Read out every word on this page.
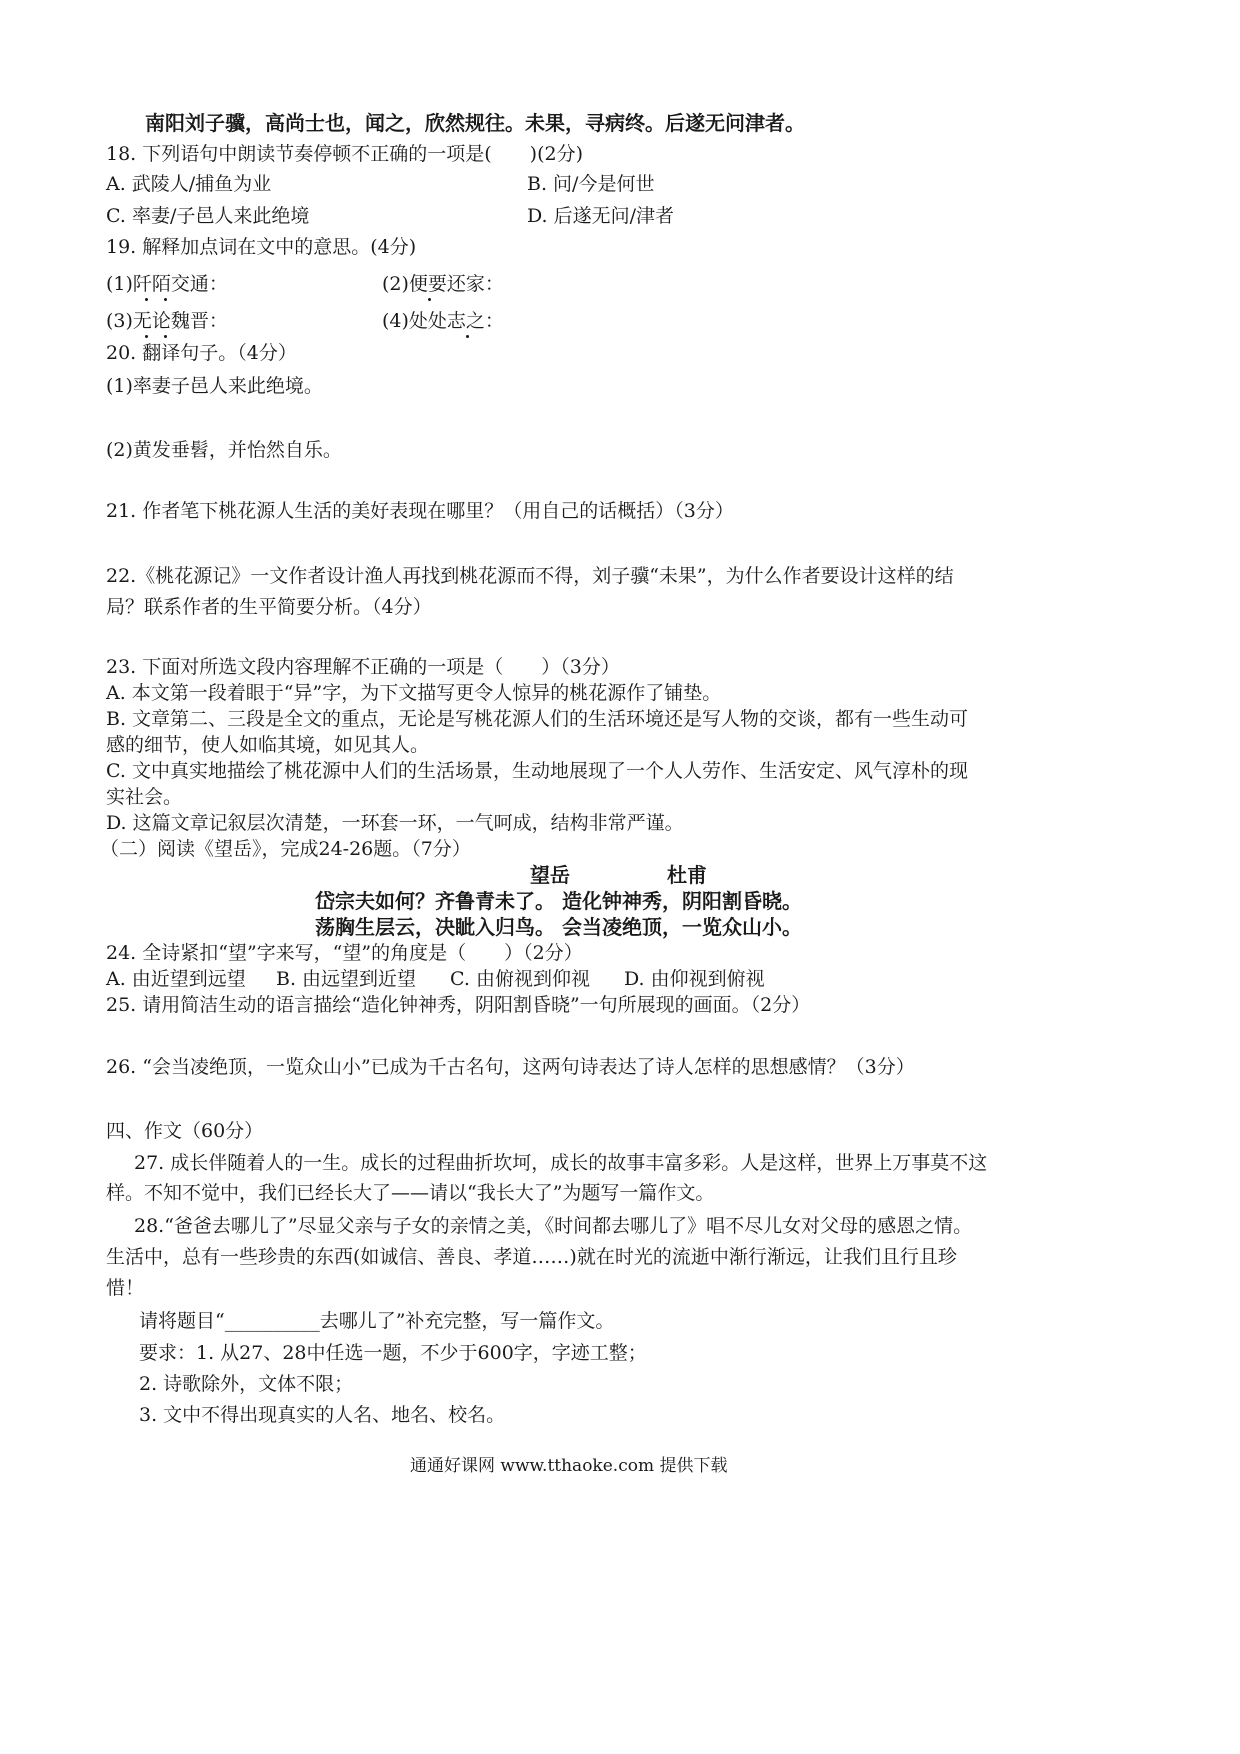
南阳刘子骥，高尚士也，闻之，欣然规往。未果，寻病终。后遂无问津者。
18. 下列语句中朗读节奏停顿不正确的一项是(　　)(2分)
A. 武陵人/捕鱼为业	B. 问/今是何世
C. 率妻/子邑人来此绝境	D. 后遂无问/津者
19. 解释加点词在文中的意思。(4分)
(1)阡陌交通：	(2)便要还家：
(3)无论魏晋：	(4)处处志之：
20. 翻译句子。（4分）
(1)率妻子邑人来此绝境。
(2)黄发垂髫，并怡然自乐。
21. 作者笔下桃花源人生活的美好表现在哪里？（用自己的话概括）（3分）
22.《桃花源记》一文作者设计渔人再找到桃花源而不得，刘子骥“未果”，为什么作者要设计这样的结
局？联系作者的生平简要分析。（4分）
23. 下面对所选文段内容理解不正确的一项是（　　）（3分）
A. 本文第一段着眼于“异”字，为下文描写更令人惊异的桃花源作了铺垫。
B. 文章第二、三段是全文的重点，无论是写桃花源人们的生活环境还是写人物的交谈，都有一些生动可
感的细节，使人如临其境，如见其人。
C. 文中真实地描绘了桃花源中人们的生活场景，生动地展现了一个人人劳作、生活安定、风气淳朴的现
实社会。
D. 这篇文章记叙层次清楚，一环套一环，一气呵成，结构非常严谨。
（二）阅读《望岳》，完成24-26题。（7分）
望岳	杜甫
岱宗夫如何？齐鲁青未了。 造化钟神秀，阴阳割昏晓。
荡胸生层云，决眦入归鸟。 会当凌绝顶，一览众山小。
24. 全诗紧扣“望”字来写，“望”的角度是（　　）（2分）
A. 由近望到远望 B. 由远望到近望 C. 由俯视到仰视 D. 由仰视到俯视
25. 请用简洁生动的语言描绘“造化钟神秀，阴阳割昏晓”一句所展现的画面。（2分）
26. “会当凌绝顶，一览众山小”已成为千古名句，这两句诗表达了诗人怎样的思想感情？（3分）
四、作文（60分）
27. 成长伴随着人的一生。成长的过程曲折坎坷，成长的故事丰富多彩。人是这样，世界上万事莫不这
样。不知不觉中，我们已经长大了——请以“我长大了”为题写一篇作文。
28.“爸爸去哪儿了”尽显父亲与子女的亲情之美，《时间都去哪儿了》唱不尽儿女对父母的感恩之情。
生活中，总有一些珍贵的东西(如诚信、善良、孝道……)就在时光的流逝中渐行渐远，让我们且行且珍
惜！
请将题目“__________去哪儿了”补充完整，写一篇作文。
要求：1. 从27、28中任选一题，不少于600字，字迹工整；
2. 诗歌除外，文体不限；
3. 文中不得出现真实的人名、地名、校名。
通通好课网 www.tthaoke.com 提供下载
